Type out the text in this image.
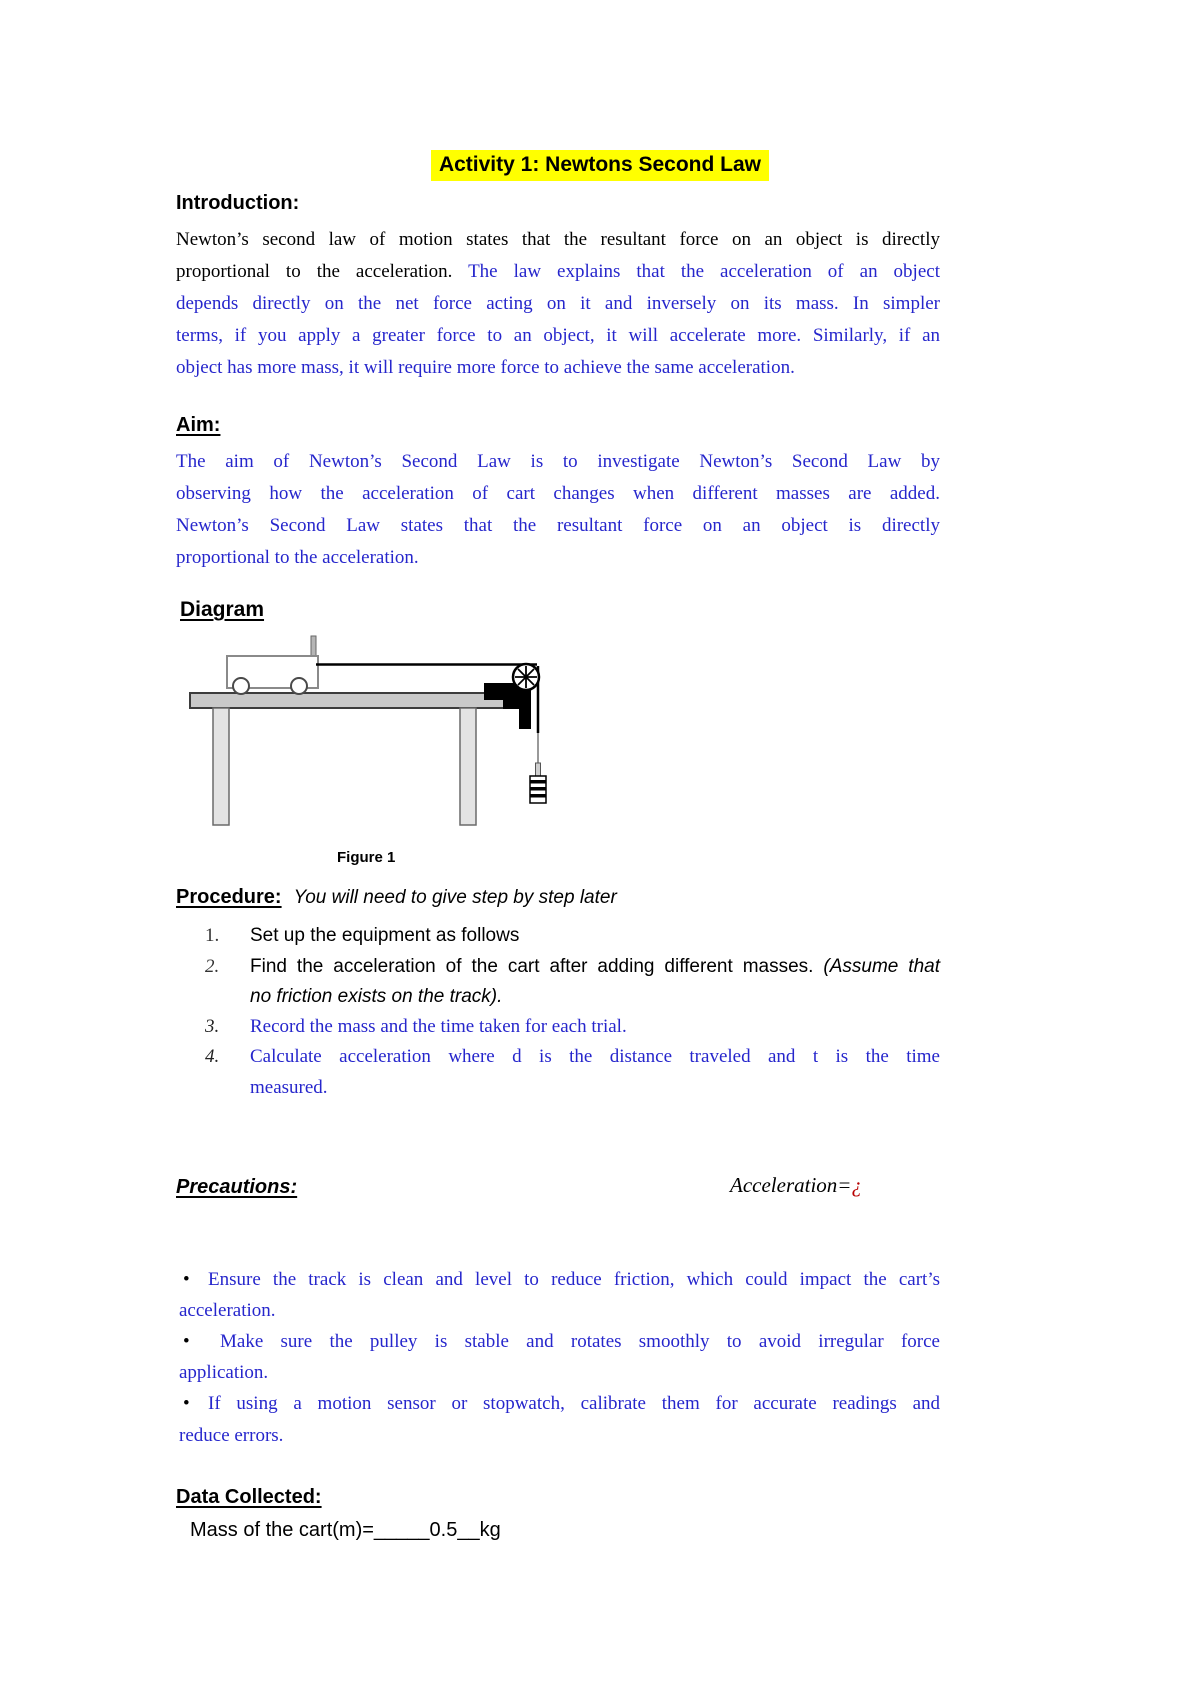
Activity 1: Newtons Second Law
Introduction:
Newton’s second law of motion states that the resultant force on an object is directly
proportional to the acceleration. The law explains that the acceleration of an object
depends directly on the net force acting on it and inversely on its mass. In simpler
terms, if you apply a greater force to an object, it will accelerate more. Similarly, if an
object has more mass, it will require more force to achieve the same acceleration.
Aim:
The aim of Newton’s Second Law is to investigate Newton’s Second Law by
observing how the acceleration of cart changes when different masses are added.
Newton’s Second Law states that the resultant force on an object is directly
proportional to the acceleration.
Diagram
Figure 1
Procedure: You will need to give step by step later
1. Set up the equipment as follows
2. Find the acceleration of the cart after adding different masses. (Assume that
no friction exists on the track).
3. Record the mass and the time taken for each trial.
4. Calculate acceleration where d is the distance traveled and t is the time
measured.
Precautions:	Acceleration=¿
• Ensure the track is clean and level to reduce friction, which could impact the cart’s
acceleration.
• Make sure the pulley is stable and rotates smoothly to avoid irregular force
application.
• If using a motion sensor or stopwatch, calibrate them for accurate readings and
reduce errors.
Data Collected:
Mass of the cart(m)=_____0.5__kg
